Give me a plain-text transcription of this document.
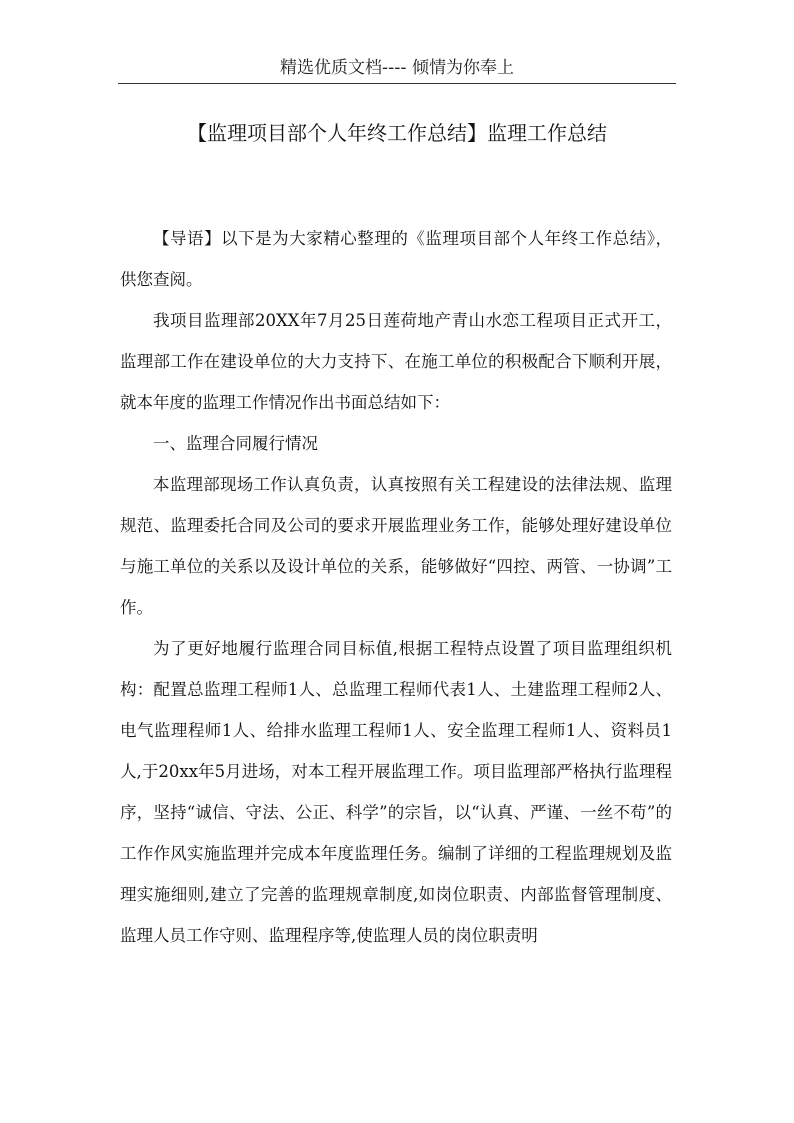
精选优质文档---- 倾情为你奉上
【监理项目部个人年终工作总结】监理工作总结

【导语】以下是为大家精心整理的《监理项目部个人年终工作总结》，供您查阅。

我项目监理部20XX年7月25日莲荷地产青山水恋工程项目正式开工，监理部工作在建设单位的大力支持下、在施工单位的积极配合下顺利开展，就本年度的监理工作情况作出书面总结如下：

一、监理合同履行情况

本监理部现场工作认真负责，认真按照有关工程建设的法律法规、监理规范、监理委托合同及公司的要求开展监理业务工作，能够处理好建设单位与施工单位的关系以及设计单位的关系，能够做好“四控、两管、一协调”工作。

为了更好地履行监理合同目标值,根据工程特点设置了项目监理组织机构：配置总监理工程师1人、总监理工程师代表1人、土建监理工程师2人、电气监理程师1人、给排水监理工程师1人、安全监理工程师1人、资料员1人,于20xx年5月进场，对本工程开展监理工作。项目监理部严格执行监理程序，坚持“诚信、守法、公正、科学”的宗旨，以“认真、严谨、一丝不苟”的工作作风实施监理并完成本年度监理任务。编制了详细的工程监理规划及监理实施细则,建立了完善的监理规章制度,如岗位职责、内部监督管理制度、监理人员工作守则、监理程序等,使监理人员的岗位职责明
